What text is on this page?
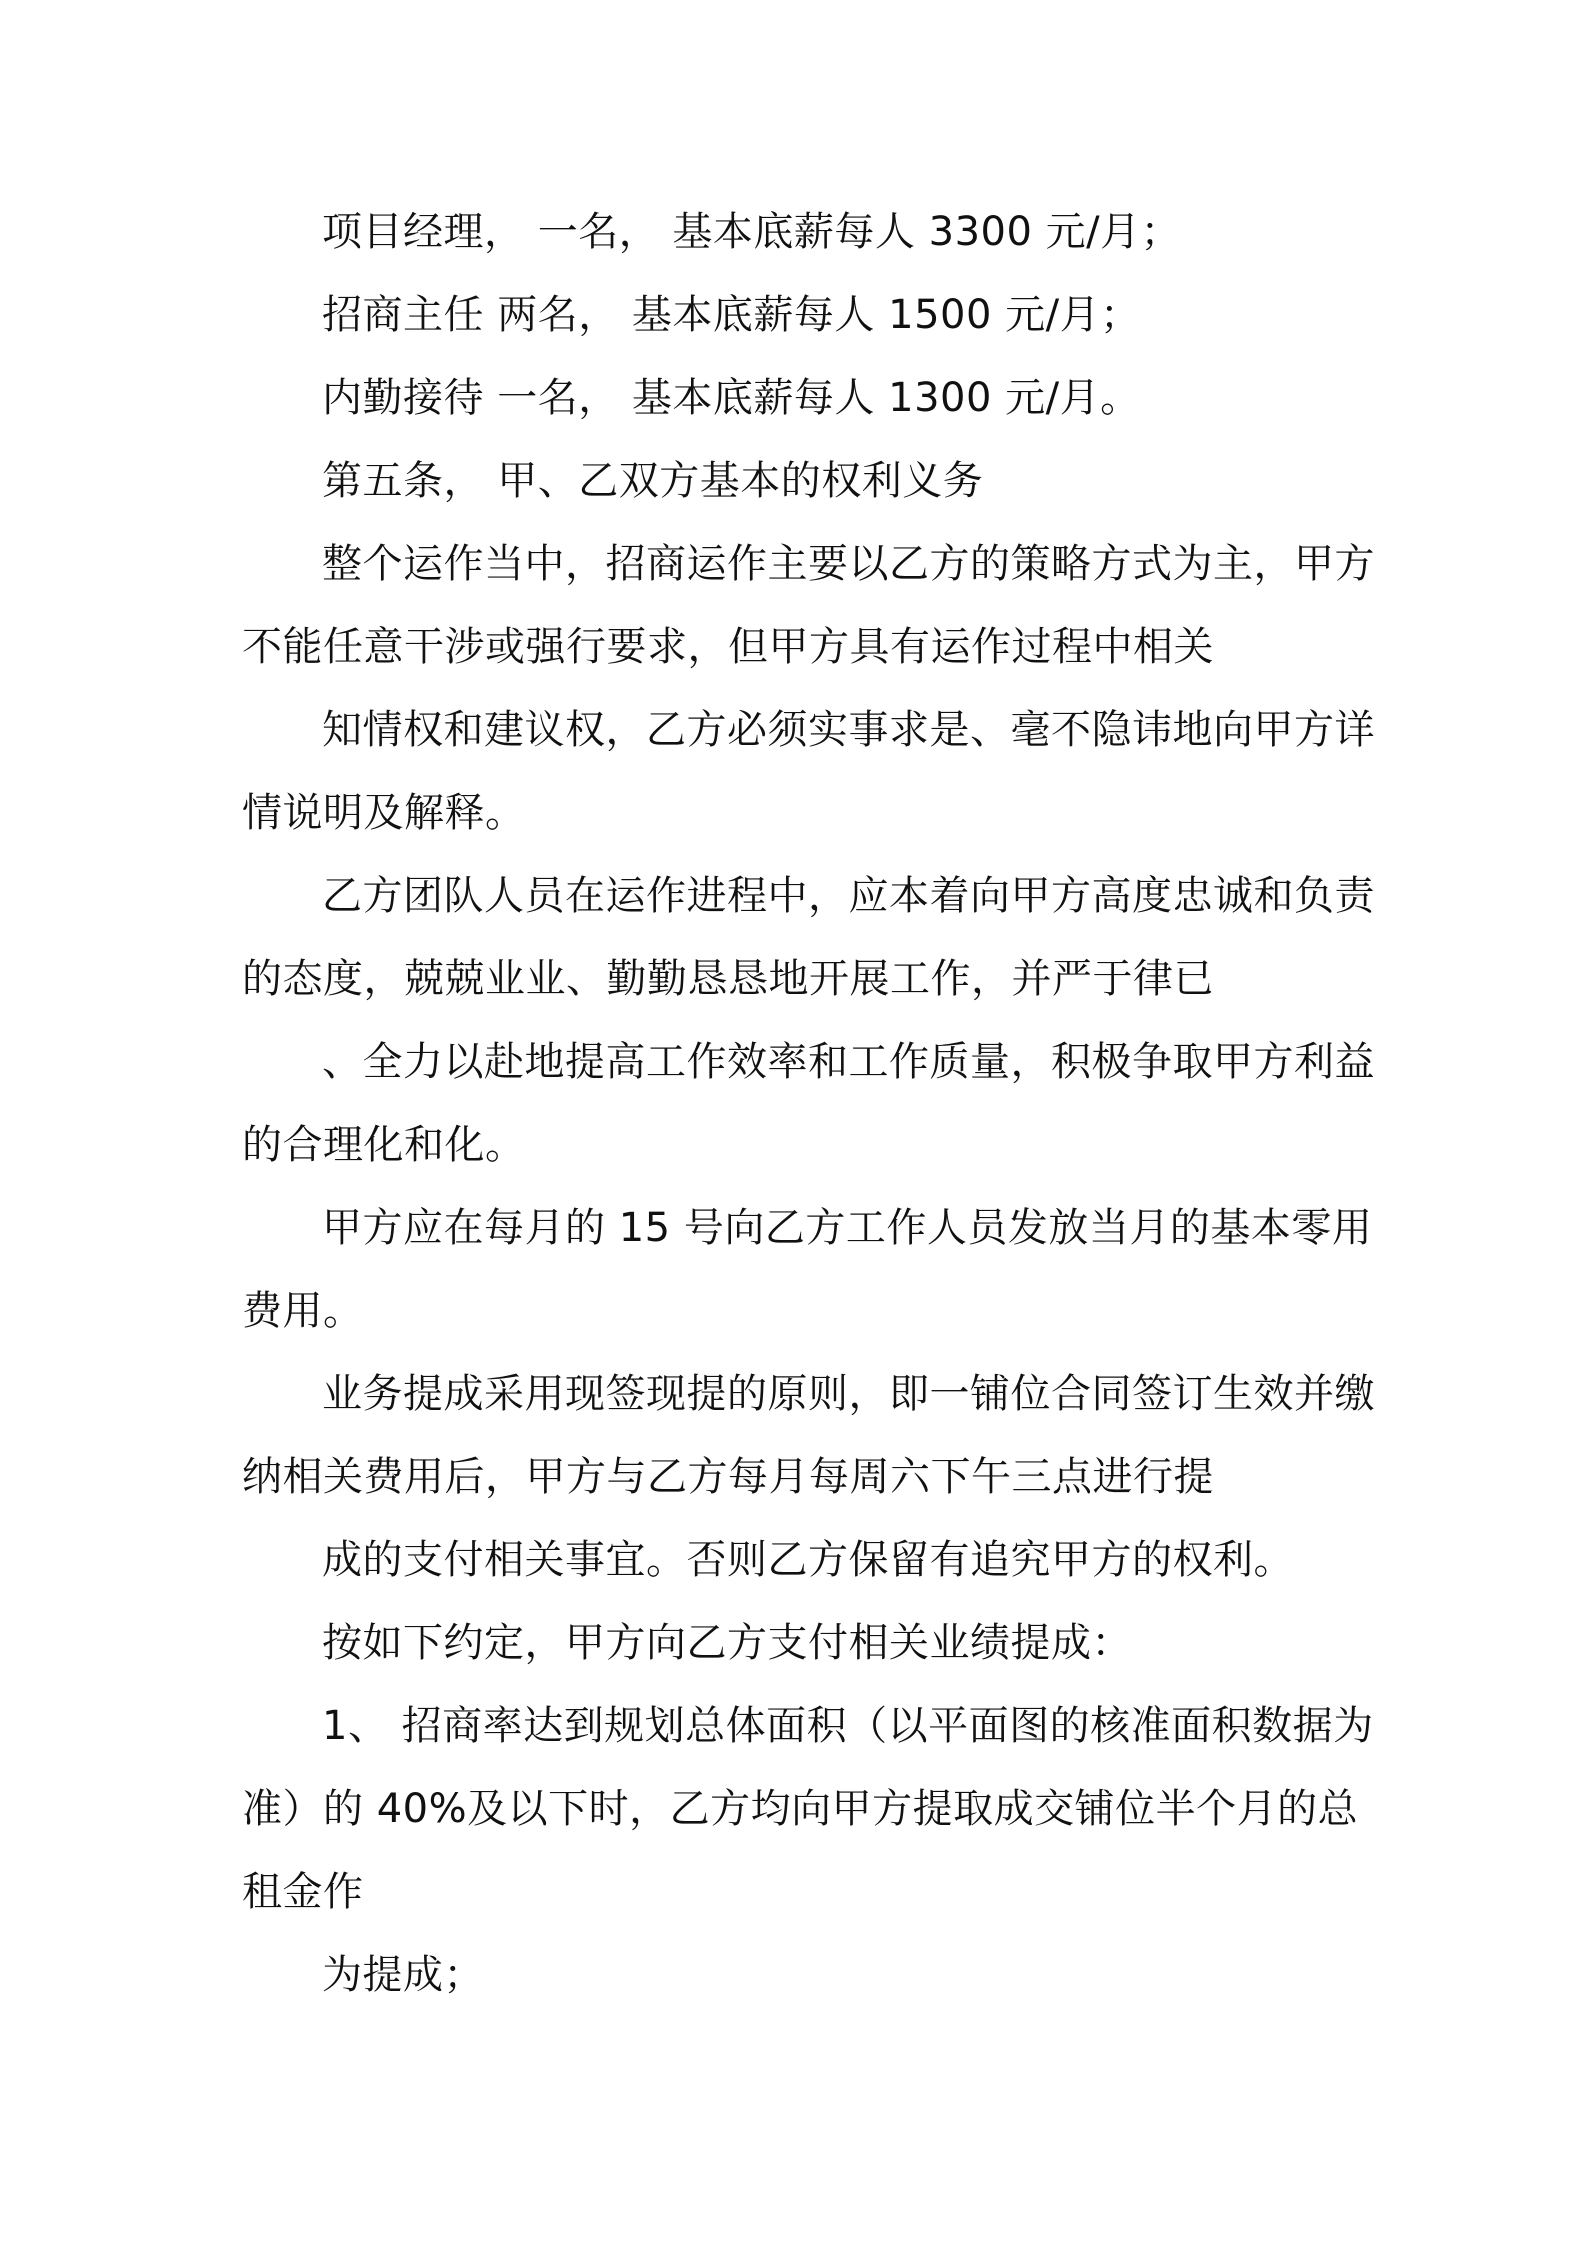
项目经理， 一名， 基本底薪每人 3300 元/月；
招商主任 两名， 基本底薪每人 1500 元/月；
内勤接待 一名， 基本底薪每人 1300 元/月。
第五条， 甲、乙双方基本的权利义务
整个运作当中，招商运作主要以乙方的策略方式为主，甲方
不能任意干涉或强行要求，但甲方具有运作过程中相关
知情权和建议权，乙方必须实事求是、毫不隐讳地向甲方详
情说明及解释。
乙方团队人员在运作进程中，应本着向甲方高度忠诚和负责
的态度，兢兢业业、勤勤恳恳地开展工作，并严于律已
、全力以赴地提高工作效率和工作质量，积极争取甲方利益
的合理化和化。
甲方应在每月的 15 号向乙方工作人员发放当月的基本零用
费用。
业务提成采用现签现提的原则，即一铺位合同签订生效并缴
纳相关费用后，甲方与乙方每月每周六下午三点进行提
成的支付相关事宜。否则乙方保留有追究甲方的权利。
按如下约定，甲方向乙方支付相关业绩提成：
1、 招商率达到规划总体面积（以平面图的核准面积数据为
准）的 40%及以下时，乙方均向甲方提取成交铺位半个月的总
租金作
为提成；
